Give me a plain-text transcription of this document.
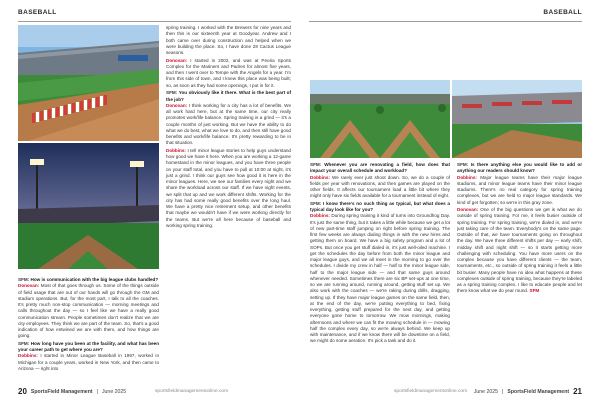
BASEBALL	BASEBALL

SFM: How is communication with the big league clubs handled?
Donovan: Most of that goes through us. Some of the things outside of field usage that are out of our hands will go through the GM and stadium operations. But, for the most part, I talk to all the coaches. It's pretty much non-stop communication — morning meetings and calls throughout the day — so I feel like we have a really good communication stream. People sometimes don't realize that we are city employees. They think we are part of the team. So, that's a good indication of how entwined we are with them, and how things are going.

SFM: How long have you been at the facility, and what has been your career path to get where you are?
Dobbins: I started in Minor League Baseball in 1997, worked in Michigan for a couple years, worked in New York, and then came to Arizona — right into

spring training. I worked with the Brewers for nine years and then this is our sixteenth year at Goodyear. Andrew and I both came over during construction and helped when we were building the place. So, I have done 28 Cactus League seasons.

Donovan: I started in 2002, and was at Peoria Sports Complex for the Mariners and Padres for almost five years, and then I went over to Tempe with the Angels for a year. I'm from this side of town, and I knew this place was being built; so, as soon as they had some openings, I put in for it.

SFM: You obviously like it there. What is the best part of the job?
Donovan: I think working for a city has a lot of benefits. We all work hard here, but at the same time, our city really promotes work/life balance. Spring training is a grind — it's a couple months of just working. But we have the ability to do what we do best, what we love to do, and then still have good benefits and work/life balance. It's pretty rewarding to be in that situation.

Dobbins: I tell minor league stories to help guys understand how good we have it here. When you are working a 12-game homestand in the minor leagues, and you have three people on your staff total, and you have to pull at 10:00 at night, it's just a grind. I think our guys see how good it is here in the minor leagues. Here, we see our families every night and we share the workload across our staff. If we have night events, we split that up and we work different shifts. Working for the city has had some really good benefits over the long haul. We have a pretty nice retirement setup, and other benefits that maybe we wouldn't have if we were working directly for the teams. But we're all here because of baseball and working spring training.

SFM: Whenever you are renovating a field, how does that impact your overall schedule and workload?
Dobbins: We rarely ever just shoot down. So, we do a couple of fields per year with renovations, and then games are played on the other fields. It affects our tournament load a little bit where they might only have six fields available for a tournament instead of eight.

SFM: I know there's no such thing as typical, but what does a typical day look like for you?
Dobbins: During spring training it kind of turns into Groundhog Day. It's just the same thing, but it takes a little while because we get a lot of new part-time staff jumping on right before spring training. The first few weeks are always dialing things in with the new hires and getting them on board. We have a big safety program and a lot of SOPs. But once you get stuff dialed in, it's just well-oiled machine. I get the schedules the day before from both the minor league and major league guys, and we all meet in the morning to go over the schedules. I divide my crew in half — half to the minor league side, half to the major league side — and that same guys around whenever needed. Sometimes there are six BP set-ups at one time, so we are running around, running around, getting stuff set up. We also work with the coaches — we're raking during drills, dragging, setting up. If they have major league games on the same field, then, at the end of the day, we're putting everything to bed, fixing everything, getting stuff prepared for the next day, and getting everyone gone home to tomorrow. We mow mornings, making afternoons and where we can fit the mowing schedule in — mowing half the complex every day, so we're always behind. We keep up with maintenance, and if we know there will be downtime on a field, we might do some aeration. It's pick a task and do it.

SFM: Is there anything else you would like to add or anything our readers should know?
Dobbins: Major league teams have their major league stadiums, and minor league teams have their minor league stadiums. There's no real category for spring training complexes, but we are held to major league standards. We kind of get forgotten; so we're in this gray zone.

Donovan: One of the big questions we get is what we do outside of spring training. For me, it feels busier outside of spring training. For spring training, we're dialed in, and we're just taking care of the team. Everybody's on the same page. Outside of that, we have tournaments going on throughout the day. We have three different shifts per day — early shift, midday shift and night shift — so it starts getting more challenging with scheduling. You have more users on the complex because you have different clients — the team, tournaments, etc., so outside of spring training it feels a little bit busier. Many people have no idea what happens at these complexes outside of spring training, because they're labeled as a spring training complex. I like to educate people and let them know what we do year round. SFM

20 SportsField Management | June 2025	sportsfieldmanagementonline.com	sportsfieldmanagementonline.com June 2025 | SportsField Management 21
